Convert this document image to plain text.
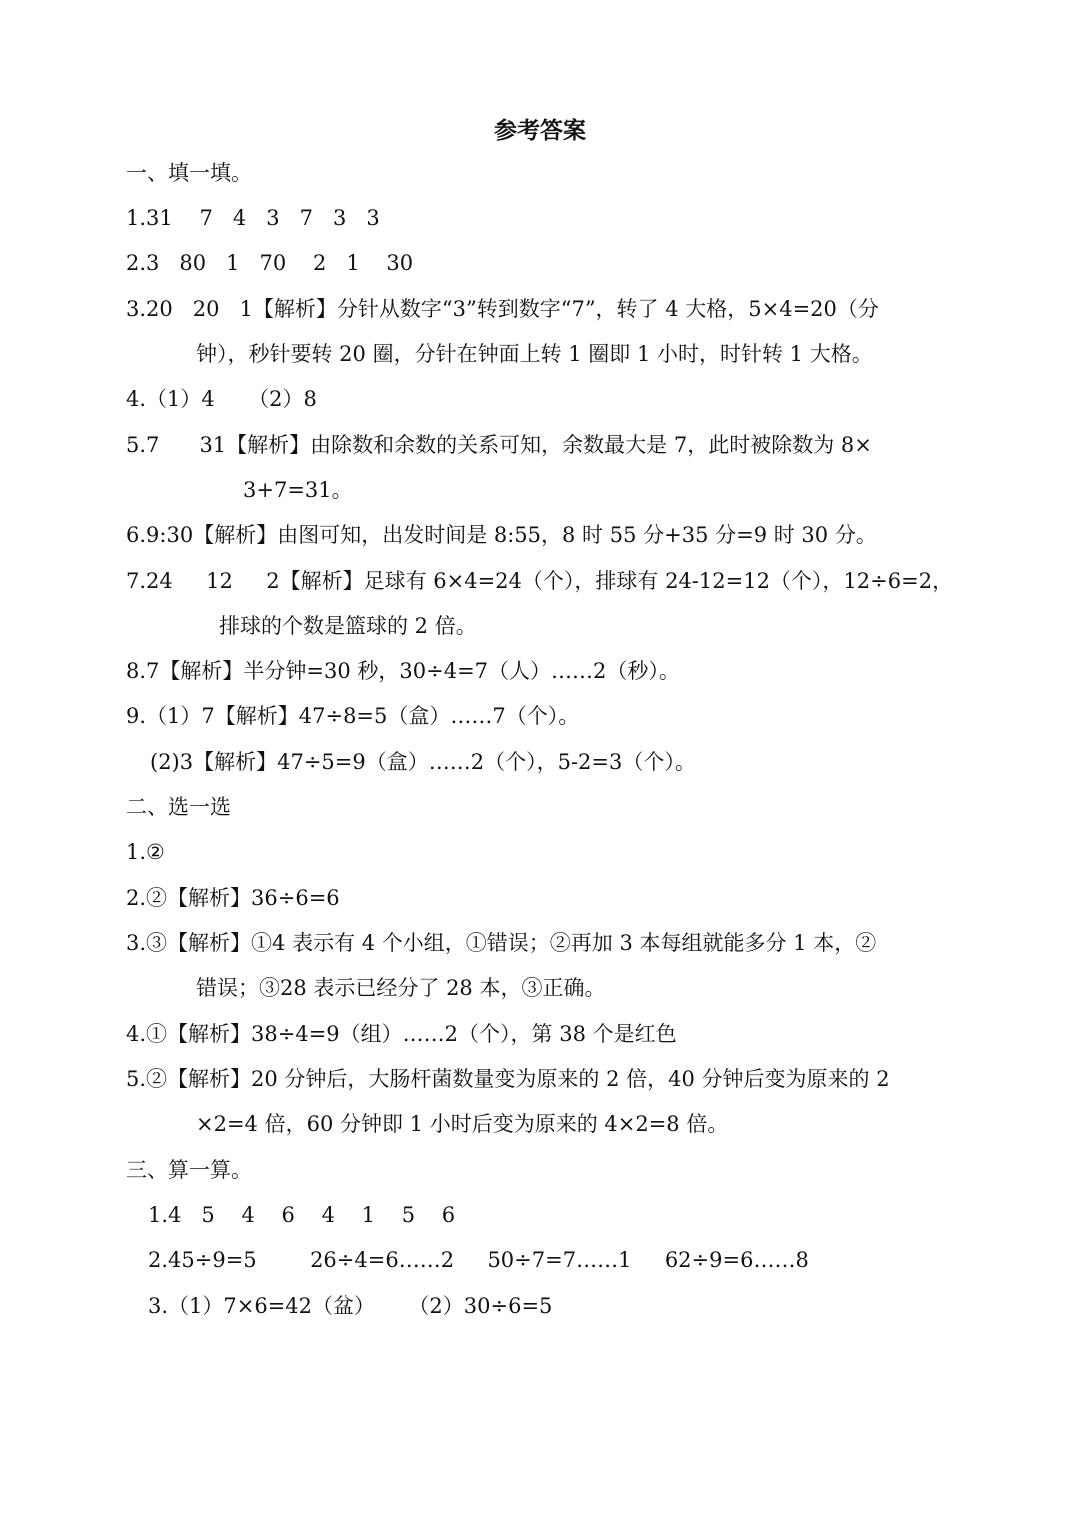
参考答案
一、填一填。
1.31    7   4   3   7   3   3
2.3   80   1   70    2   1    30
3.20   20   1【解析】分针从数字“3”转到数字“7”，转了 4 大格，5×4=20（分
钟），秒针要转 20 圈，分针在钟面上转 1 圈即 1 小时，时针转 1 大格。
4.（1）4     （2）8
5.7      31【解析】由除数和余数的关系可知，余数最大是 7，此时被除数为 8×
3+7=31。
6.9:30【解析】由图可知，出发时间是 8:55，8 时 55 分+35 分=9 时 30 分。
7.24     12     2【解析】足球有 6×4=24（个），排球有 24-12=12（个），12÷6=2，
排球的个数是篮球的 2 倍。
8.7【解析】半分钟=30 秒，30÷4=7（人）……2（秒）。
9.（1）7【解析】47÷8=5（盒）……7（个）。
(2)3【解析】47÷5=9（盒）……2（个），5-2=3（个）。
二、选一选
1.②
2.②【解析】36÷6=6
3.③【解析】①4 表示有 4 个小组，①错误；②再加 3 本每组就能多分 1 本，②
错误；③28 表示已经分了 28 本，③正确。
4.①【解析】38÷4=9（组）……2（个），第 38 个是红色
5.②【解析】20 分钟后，大肠杆菌数量变为原来的 2 倍，40 分钟后变为原来的 2
×2=4 倍，60 分钟即 1 小时后变为原来的 4×2=8 倍。
三、算一算。
1.4   5    4    6    4    1    5    6
2.45÷9=5        26÷4=6……2     50÷7=7……1     62÷9=6……8
3.（1）7×6=42（盆）     （2）30÷6=5
